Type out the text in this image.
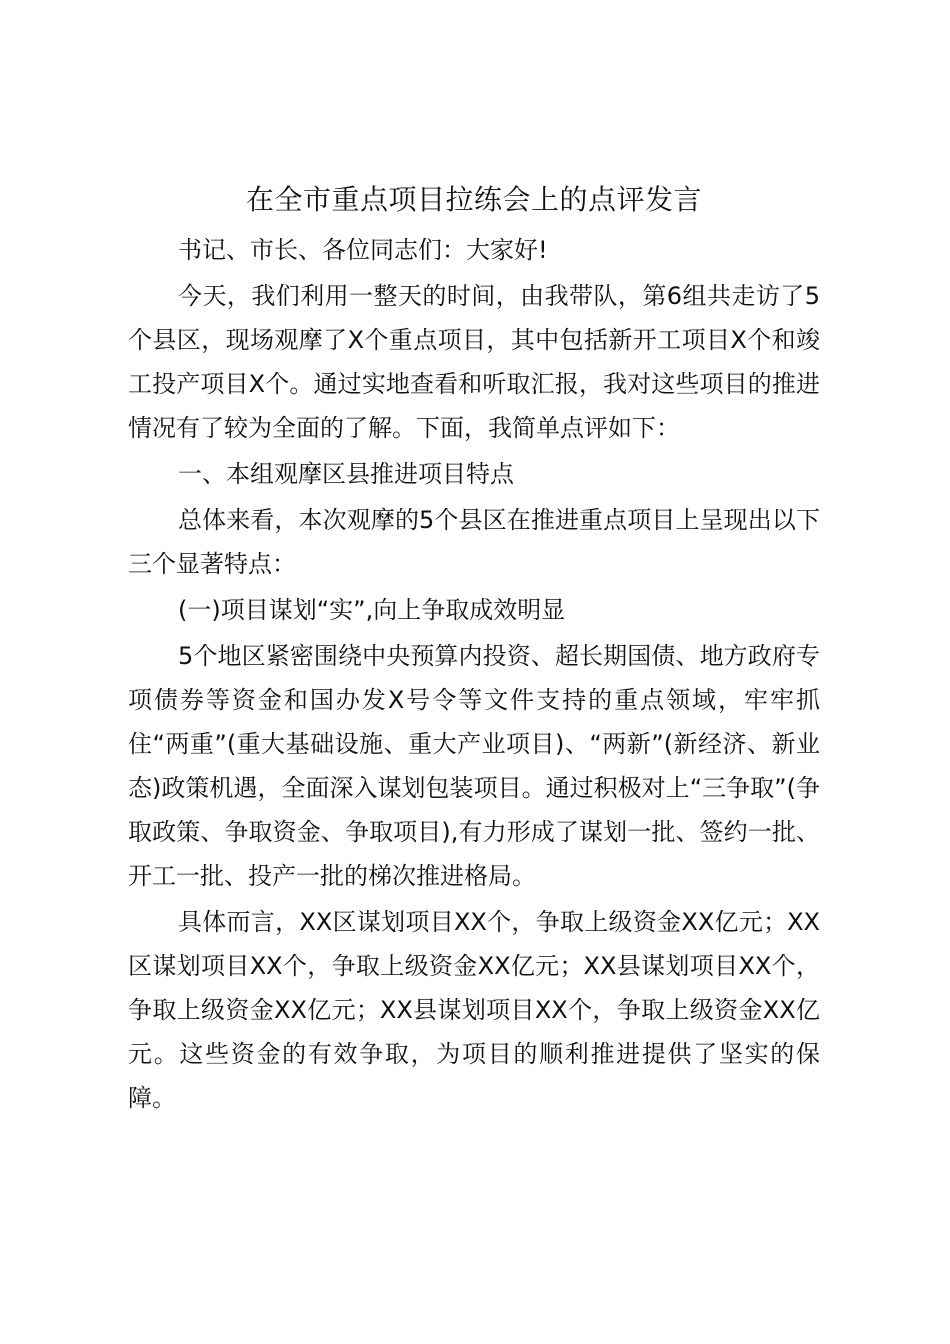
在全市重点项目拉练会上的点评发言

书记、市长、各位同志们：大家好!

今天，我们利用一整天的时间，由我带队，第6组共走访了5个县区，现场观摩了X个重点项目，其中包括新开工项目X个和竣工投产项目X个。通过实地查看和听取汇报，我对这些项目的推进情况有了较为全面的了解。下面，我简单点评如下：

一、本组观摩区县推进项目特点

总体来看，本次观摩的5个县区在推进重点项目上呈现出以下三个显著特点：

(一)项目谋划“实”,向上争取成效明显

5个地区紧密围绕中央预算内投资、超长期国债、地方政府专项债券等资金和国办发X号令等文件支持的重点领域，牢牢抓住“两重”(重大基础设施、重大产业项目)、“两新”(新经济、新业态)政策机遇，全面深入谋划包装项目。通过积极对上“三争取”(争取政策、争取资金、争取项目),有力形成了谋划一批、签约一批、开工一批、投产一批的梯次推进格局。

具体而言，XX区谋划项目XX个，争取上级资金XX亿元；XX区谋划项目XX个，争取上级资金XX亿元；XX县谋划项目XX个，争取上级资金XX亿元；XX县谋划项目XX个，争取上级资金XX亿元。这些资金的有效争取，为项目的顺利推进提供了坚实的保障。
